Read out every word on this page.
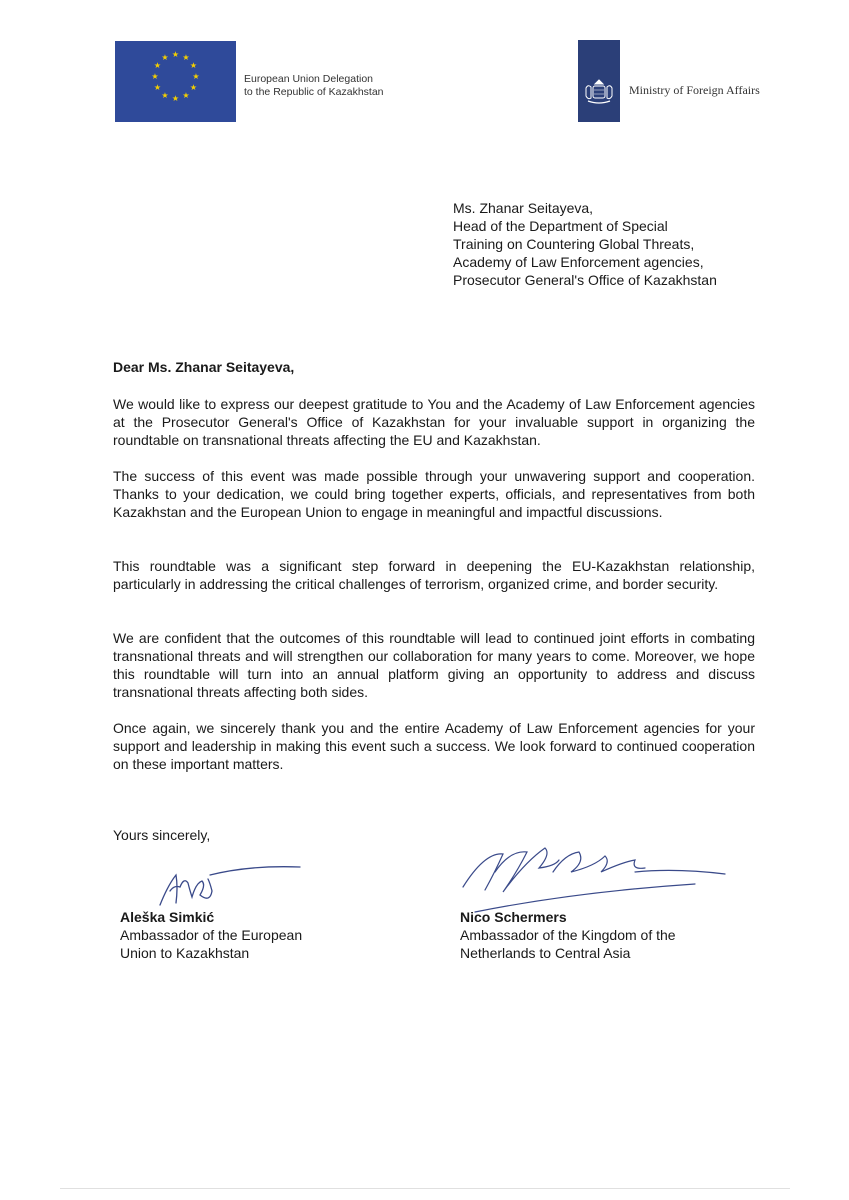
★ ★
★
★
★
★
★
★
★
★
★
★
European Union Delegation
to the Republic of Kazakhstan	Ministry of Foreign Affairs
Ms. Zhanar Seitayeva,
Head of the Department of Special
Training on Countering Global Threats,
Academy of Law Enforcement agencies,
Prosecutor General's Office of Kazakhstan
Dear Ms. Zhanar Seitayeva,

We would like to express our deepest gratitude to You and the Academy of Law Enforcement agencies at the Prosecutor General's Office of Kazakhstan for your invaluable support in organizing the roundtable on transnational threats affecting the EU and Kazakhstan.

The success of this event was made possible through your unwavering support and cooperation. Thanks to your dedication, we could bring together experts, officials, and representatives from both Kazakhstan and the European Union to engage in meaningful and impactful discussions.

This roundtable was a significant step forward in deepening the EU-Kazakhstan relationship, particularly in addressing the critical challenges of terrorism, organized crime, and border security.

We are confident that the outcomes of this roundtable will lead to continued joint efforts in combating transnational threats and will strengthen our collaboration for many years to come. Moreover, we hope this roundtable will turn into an annual platform giving an opportunity to address and discuss transnational threats affecting both sides.

Once again, we sincerely thank you and the entire Academy of Law Enforcement agencies for your support and leadership in making this event such a success. We look forward to continued cooperation on these important matters.

Yours sincerely,
Aleška Simkić
Ambassador of the European
Union to Kazakhstan
Nico Schermers
Ambassador of the Kingdom of the
Netherlands to Central Asia
